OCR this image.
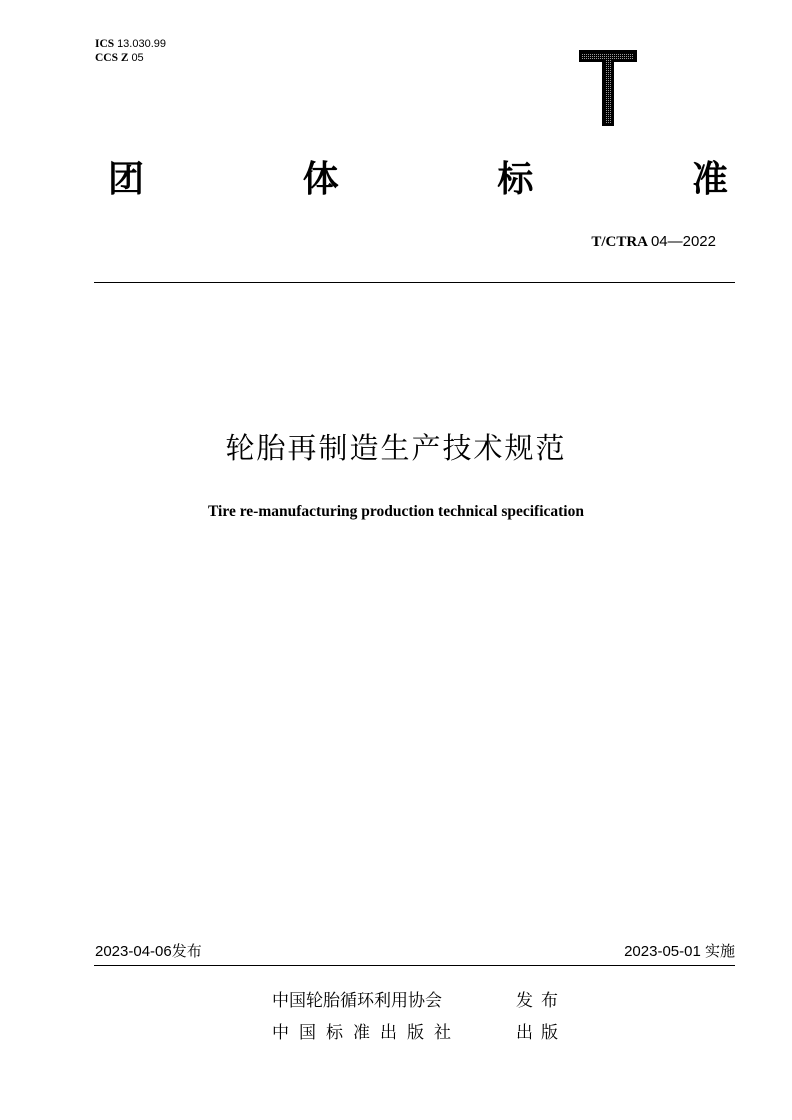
ICS 13.030.99
CCS Z 05
团	体	标	准
T/CTRA 04—2022
轮胎再制造生产技术规范
Tire re-manufacturing production technical specification
2023-04-06发布	2023-05-01 实施
中国轮胎循环利用协会	发布
中国标准出版社	出版
